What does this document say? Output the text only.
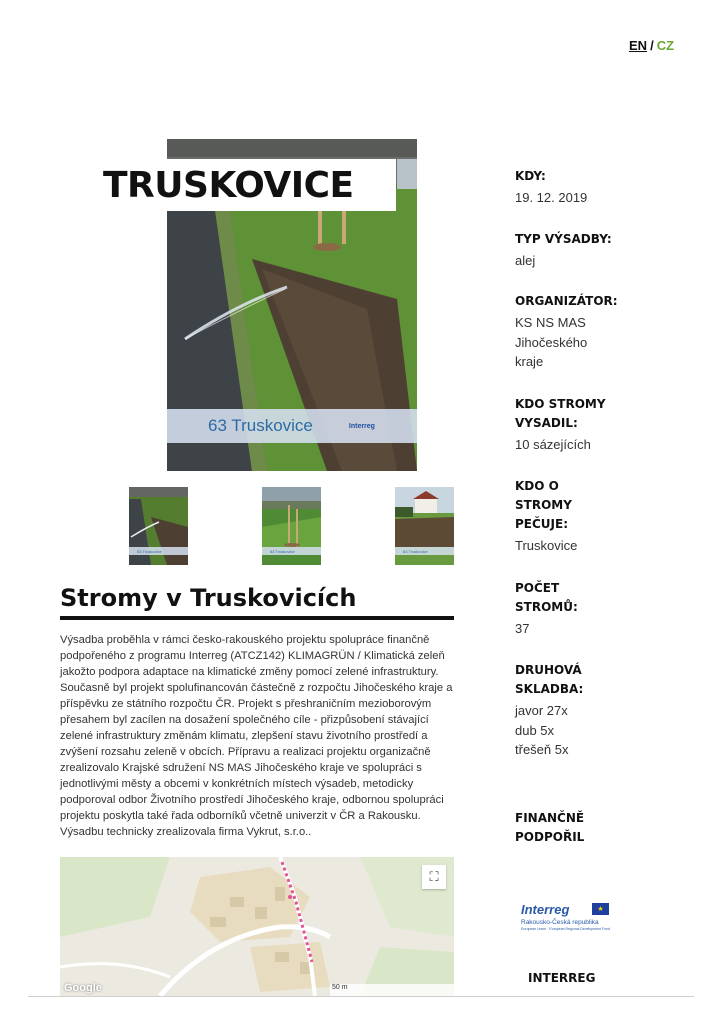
EN / CZ
63 Truskovice	Interreg
TRUSKOVICE
63 Truskovice	63 Truskovice	63 Truskovice
Stromy v Truskovicích

Výsadba proběhla v rámci česko-rakouského projektu spolupráce finančně podpořeného z programu Interreg (ATCZ142) KLIMAGRÜN / Klimatická zeleň jakožto podpora adaptace na klimatické změny pomocí zelené infrastruktury. Současně byl projekt spolufinancován částečně z rozpočtu Jihočeského kraje a příspěvku ze státního rozpočtu ČR. Projekt s přeshraničním mezioborovým přesahem byl zacílen na dosažení společného cíle - přizpůsobení stávající zelené infrastruktury změnám klimatu, zlepšení stavu životního prostředí a zvýšení rozsahu zeleně v obcích. Přípravu a realizaci projektu organizačně zrealizovalo Krajské sdružení NS MAS Jihočeského kraje ve spolupráci s jednotlivými městy a obcemi v konkrétních místech výsadeb, metodicky podporoval odbor Životního prostředí Jihočeského kraje, odbornou spolupráci projektu poskytla také řada odborníků včetně univerzit v ČR a Rakousku. Výsadbu technicky zrealizovala firma Vykrut, s.r.o..

⛶
Google	50 m
KDY:
19. 12. 2019
TYP VÝSADBY:
alej
ORGANIZÁTOR:
KS NS MAS Jihočeského kraje
KDO STROMY VYSADIL:
10 sázejících
KDO O STROMY PEČUJE:
Truskovice
POČET STROMŮ:
37
DRUHOVÁ SKLADBA:
javor 27x
dub 5x
třešeň 5x
FINANČNĚ PODPOŘIL
Interreg	★
Rakousko-Česká republika
European Union · European Regional Development Fund
INTERREG
